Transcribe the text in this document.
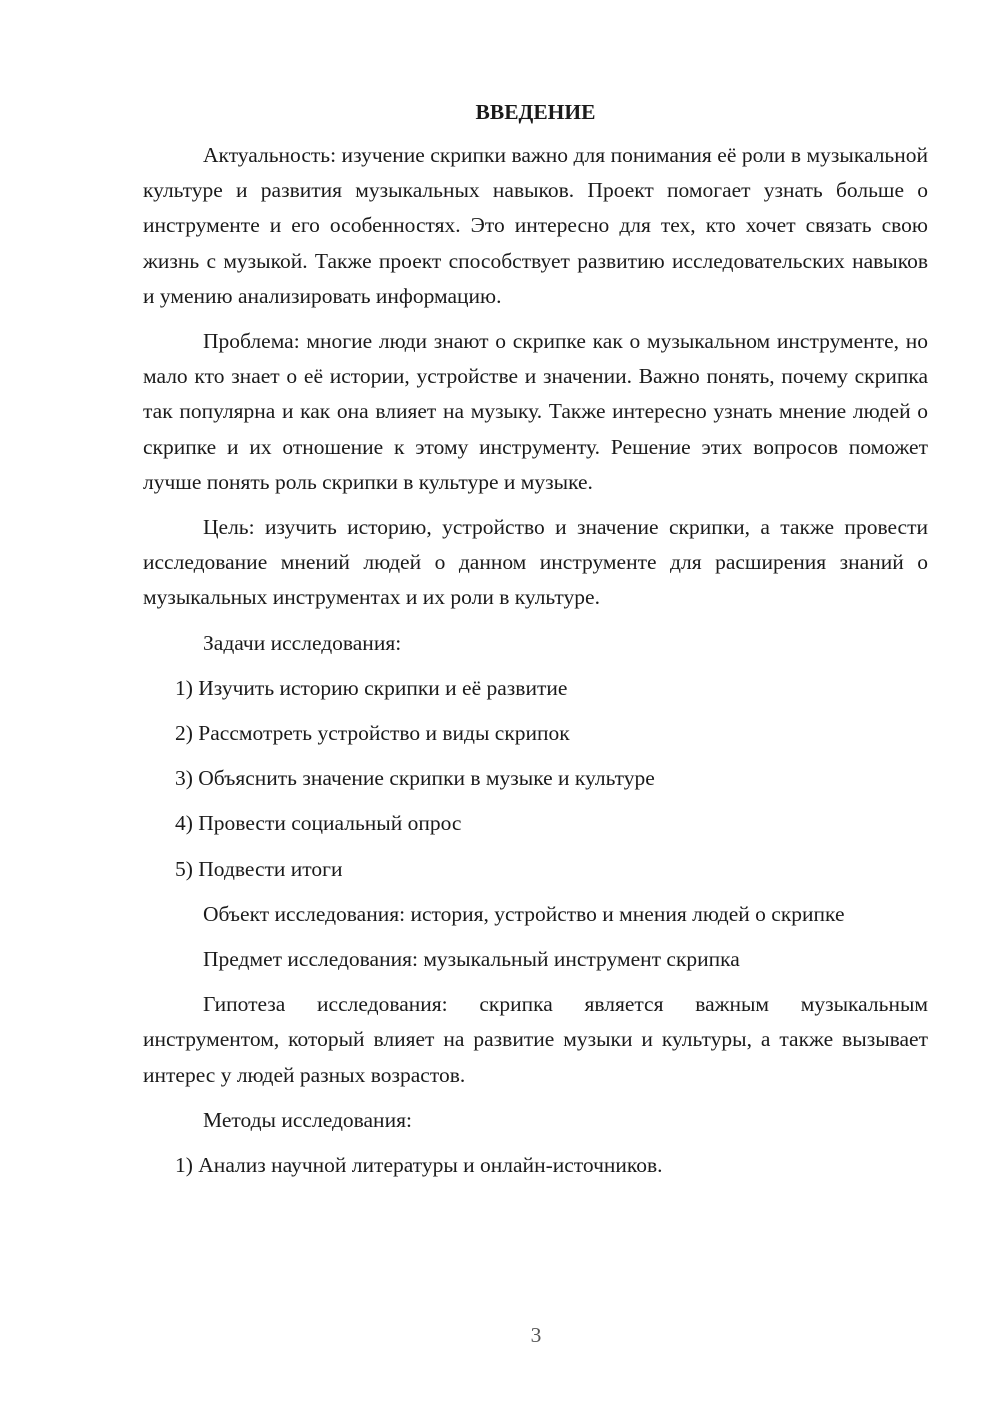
ВВЕДЕНИЕ

Актуальность: изучение скрипки важно для понимания её роли в музыкальной культуре и развития музыкальных навыков. Проект помогает узнать больше о инструменте и его особенностях. Это интересно для тех, кто хочет связать свою жизнь с музыкой. Также проект способствует развитию исследовательских навыков и умению анализировать информацию.

Проблема: многие люди знают о скрипке как о музыкальном инструменте, но мало кто знает о её истории, устройстве и значении. Важно понять, почему скрипка так популярна и как она влияет на музыку. Также интересно узнать мнение людей о скрипке и их отношение к этому инструменту. Решение этих вопросов поможет лучше понять роль скрипки в культуре и музыке.

Цель: изучить историю, устройство и значение скрипки, а также провести исследование мнений людей о данном инструменте для расширения знаний о музыкальных инструментах и их роли в культуре.

Задачи исследования:
1) Изучить историю скрипки и её развитие
2) Рассмотреть устройство и виды скрипок
3) Объяснить значение скрипки в музыке и культуре
4) Провести социальный опрос
5) Подвести итоги

Объект исследования: история, устройство и мнения людей о скрипке

Предмет исследования: музыкальный инструмент скрипка

Гипотеза исследования: скрипка является важным музыкальным инструментом, который влияет на развитие музыки и культуры, а также вызывает интерес у людей разных возрастов.

Методы исследования:
1) Анализ научной литературы и онлайн-источников.
3
